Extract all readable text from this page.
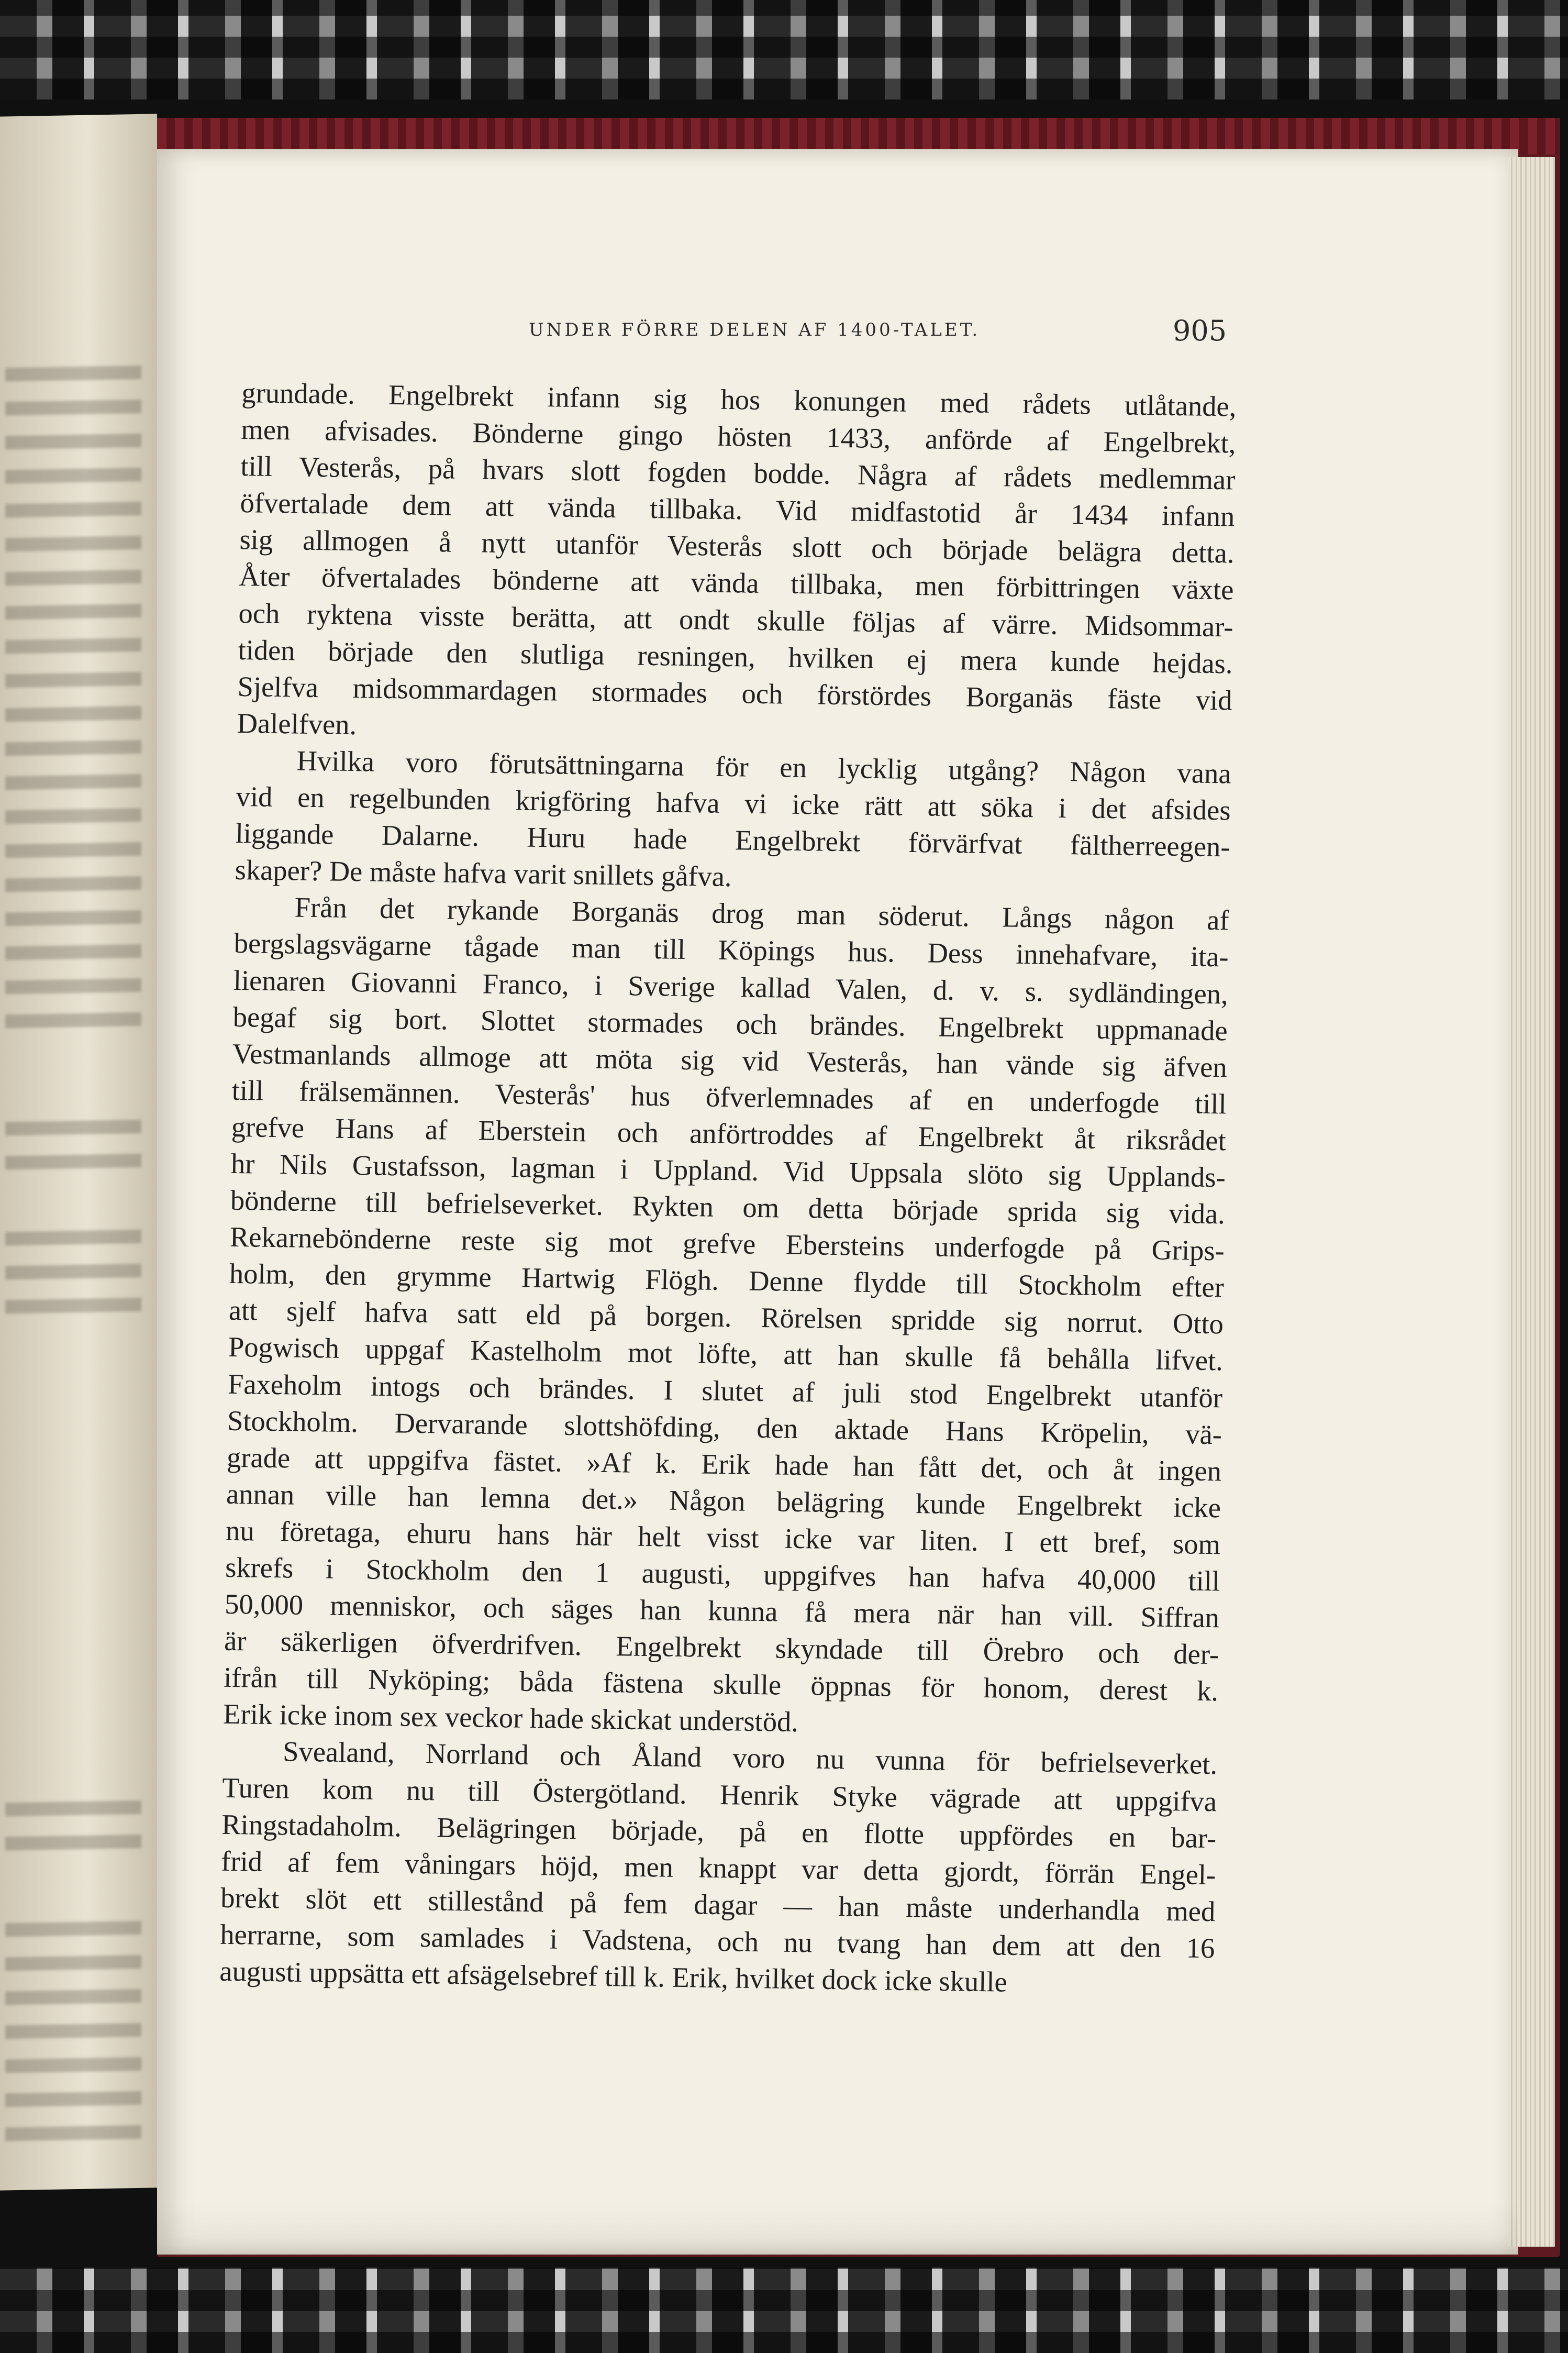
UNDER FÖRRE DELEN AF 1400-TALET.	905

grundade. Engelbrekt infann sig hos konungen med rådets utlåtande,
men afvisades. Bönderne gingo hösten 1433, anförde af Engelbrekt,
till Vesterås, på hvars slott fogden bodde. Några af rådets medlemmar
öfvertalade dem att vända tillbaka. Vid midfastotid år 1434 infann
sig allmogen å nytt utanför Vesterås slott och började belägra detta.
Åter öfvertalades bönderne att vända tillbaka, men förbittringen växte
och ryktena visste berätta, att ondt skulle följas af värre. Midsommar-
tiden började den slutliga resningen, hvilken ej mera kunde hejdas.
Sjelfva midsommardagen stormades och förstördes Borganäs fäste vid
Dalelfven.

Hvilka voro förutsättningarna för en lycklig utgång? Någon vana
vid en regelbunden krigföring hafva vi icke rätt att söka i det afsides
liggande Dalarne. Huru hade Engelbrekt förvärfvat fältherreegen-
skaper? De måste hafva varit snillets gåfva.

Från det rykande Borganäs drog man söderut. Långs någon af
bergslagsvägarne tågade man till Köpings hus. Dess innehafvare, ita-
lienaren Giovanni Franco, i Sverige kallad Valen, d. v. s. sydländingen,
begaf sig bort. Slottet stormades och brändes. Engelbrekt uppmanade
Vestmanlands allmoge att möta sig vid Vesterås, han vände sig äfven
till frälsemännen. Vesterås' hus öfverlemnades af en underfogde till
grefve Hans af Eberstein och anförtroddes af Engelbrekt åt riksrådet
hr Nils Gustafsson, lagman i Uppland. Vid Uppsala slöto sig Upplands-
bönderne till befrielseverket. Rykten om detta började sprida sig vida.
Rekarnebönderne reste sig mot grefve Ebersteins underfogde på Grips-
holm, den grymme Hartwig Flögh. Denne flydde till Stockholm efter
att sjelf hafva satt eld på borgen. Rörelsen spridde sig norrut. Otto
Pogwisch uppgaf Kastelholm mot löfte, att han skulle få behålla lifvet.
Faxeholm intogs och brändes. I slutet af juli stod Engelbrekt utanför
Stockholm. Dervarande slottshöfding, den aktade Hans Kröpelin, vä-
grade att uppgifva fästet. »Af k. Erik hade han fått det, och åt ingen
annan ville han lemna det.» Någon belägring kunde Engelbrekt icke
nu företaga, ehuru hans här helt visst icke var liten. I ett bref, som
skrefs i Stockholm den 1 augusti, uppgifves han hafva 40,000 till
50,000 menniskor, och säges han kunna få mera när han vill. Siffran
är säkerligen öfverdrifven. Engelbrekt skyndade till Örebro och der-
ifrån till Nyköping; båda fästena skulle öppnas för honom, derest k.
Erik icke inom sex veckor hade skickat understöd.

Svealand, Norrland och Åland voro nu vunna för befrielseverket.
Turen kom nu till Östergötland. Henrik Styke vägrade att uppgifva
Ringstadaholm. Belägringen började, på en flotte uppfördes en bar-
frid af fem våningars höjd, men knappt var detta gjordt, förrän Engel-
brekt slöt ett stillestånd på fem dagar — han måste underhandla med
herrarne, som samlades i Vadstena, och nu tvang han dem att den 16
augusti uppsätta ett afsägelsebref till k. Erik, hvilket dock icke skulle
